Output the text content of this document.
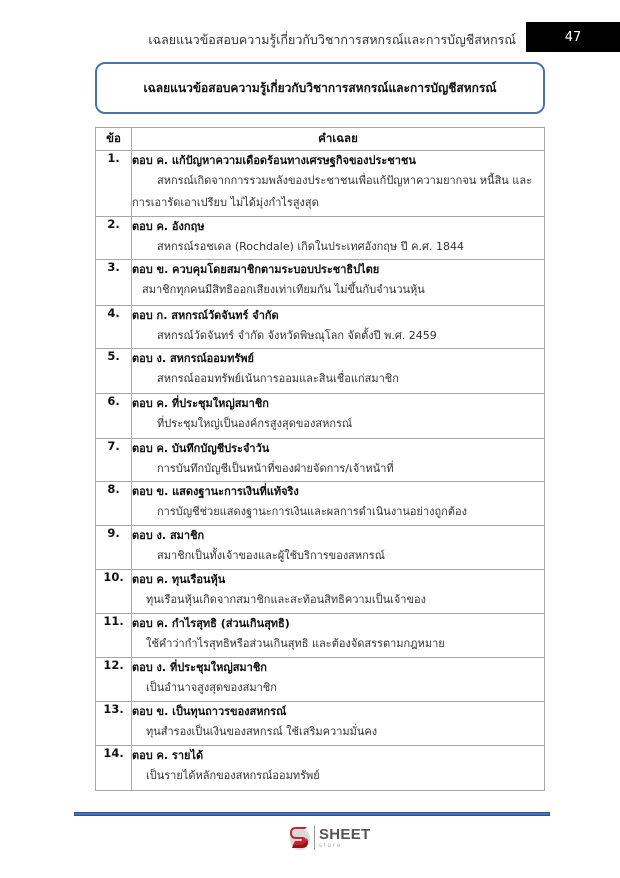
เฉลยแนวข้อสอบความรู้เกี่ยวกับวิชาการสหกรณ์และการบัญชีสหกรณ์	47
เฉลยแนวข้อสอบความรู้เกี่ยวกับวิชาการสหกรณ์และการบัญชีสหกรณ์
ข้อ	คำเฉลย
1.	ตอบ ค. แก้ปัญหาความเดือดร้อนทางเศรษฐกิจของประชาชน
สหกรณ์เกิดจากการรวมพลังของประชาชนเพื่อแก้ปัญหาความยากจน หนี้สิน และการเอารัดเอาเปรียบ ไม่ได้มุ่งกำไรสูงสุด

2.	ตอบ ค. อังกฤษ
สหกรณ์รอชเดล (Rochdale) เกิดในประเทศอังกฤษ ปี ค.ศ. 1844

3.	ตอบ ข. ควบคุมโดยสมาชิกตามระบอบประชาธิปไตย
สมาชิกทุกคนมีสิทธิออกเสียงเท่าเทียมกัน ไม่ขึ้นกับจำนวนหุ้น

4.	ตอบ ก. สหกรณ์วัดจันทร์ จำกัด
สหกรณ์วัดจันทร์ จำกัด จังหวัดพิษณุโลก จัดตั้งปี พ.ศ. 2459

5.	ตอบ ง. สหกรณ์ออมทรัพย์
สหกรณ์ออมทรัพย์เน้นการออมและสินเชื่อแก่สมาชิก

6.	ตอบ ค. ที่ประชุมใหญ่สมาชิก
ที่ประชุมใหญ่เป็นองค์กรสูงสุดของสหกรณ์

7.	ตอบ ค. บันทึกบัญชีประจำวัน
การบันทึกบัญชีเป็นหน้าที่ของฝ่ายจัดการ/เจ้าหน้าที่

8.	ตอบ ข. แสดงฐานะการเงินที่แท้จริง
การบัญชีช่วยแสดงฐานะการเงินและผลการดำเนินงานอย่างถูกต้อง

9.	ตอบ ง. สมาชิก
สมาชิกเป็นทั้งเจ้าของและผู้ใช้บริการของสหกรณ์

10.	ตอบ ค. ทุนเรือนหุ้น
ทุนเรือนหุ้นเกิดจากสมาชิกและสะท้อนสิทธิความเป็นเจ้าของ

11.	ตอบ ค. กำไรสุทธิ (ส่วนเกินสุทธิ)
ใช้คำว่ากำไรสุทธิหรือส่วนเกินสุทธิ และต้องจัดสรรตามกฎหมาย

12.	ตอบ ง. ที่ประชุมใหญ่สมาชิก
เป็นอำนาจสูงสุดของสมาชิก

13.	ตอบ ข. เป็นทุนถาวรของสหกรณ์
ทุนสำรองเป็นเงินของสหกรณ์ ใช้เสริมความมั่นคง

14.	ตอบ ค. รายได้
เป็นรายได้หลักของสหกรณ์ออมทรัพย์
SHEET
store
